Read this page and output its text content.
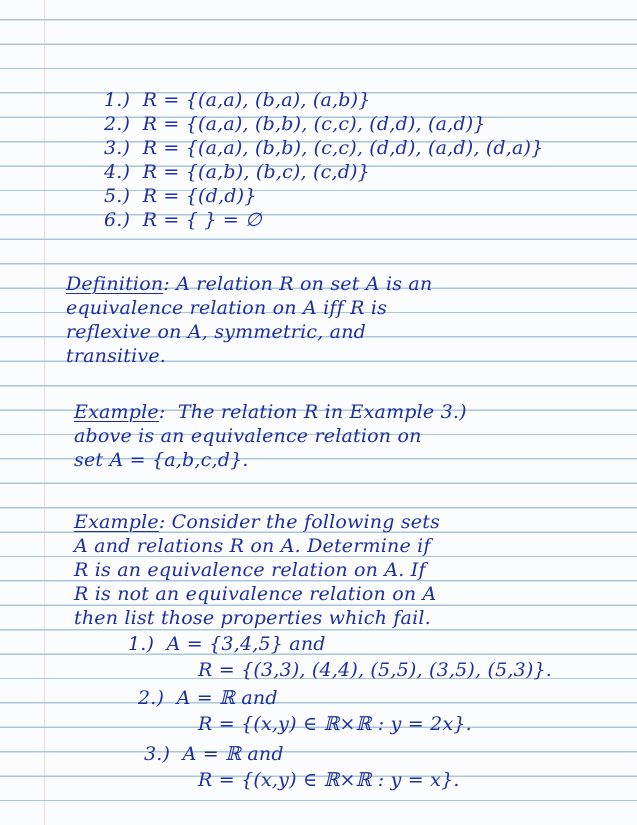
1.) R = {(a,a), (b,a), (a,b)}
2.) R = {(a,a), (b,b), (c,c), (d,d), (a,d)}
3.) R = {(a,a), (b,b), (c,c), (d,d), (a,d), (d,a)}
4.) R = {(a,b), (b,c), (c,d)}
5.) R = {(d,d)}
6.) R = { } = ∅
Definition: A relation R on set A is an
equivalence relation on A iff R is
reflexive on A, symmetric, and
transitive.
Example:  The relation R in Example 3.)
above is an equivalence relation on
set A = {a,b,c,d}.
Example: Consider the following sets
A and relations R on A. Determine if
R is an equivalence relation on A. If
R is not an equivalence relation on A
then list those properties which fail.
1.) A = {3,4,5} and
R = {(3,3), (4,4), (5,5), (3,5), (5,3)}.
2.) A = ℝ and
R = {(x,y) ∈ ℝ×ℝ : y = 2x}.
3.) A = ℝ and
R = {(x,y) ∈ ℝ×ℝ : y = x}.
